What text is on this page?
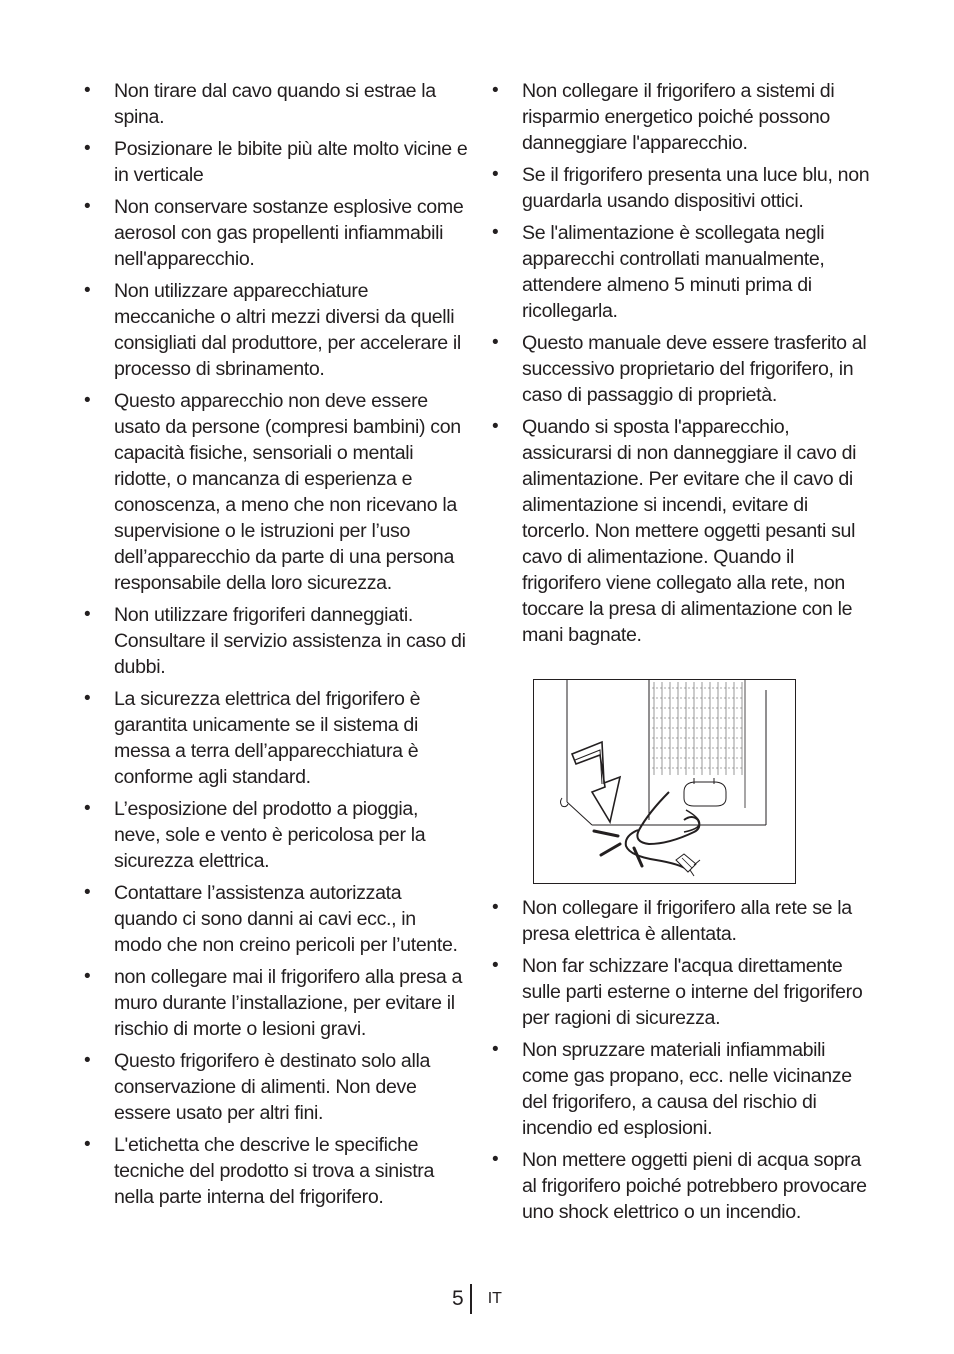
• Non tirare dal cavo quando si estrae la spina.
• Posizionare le bibite più alte molto vicine e in verticale
• Non conservare sostanze esplosive come aerosol con gas propellenti infiammabili nell'apparecchio.
• Non utilizzare apparecchiature meccaniche o altri mezzi diversi da quelli consigliati dal produttore, per accelerare il processo di sbrinamento.
• Questo apparecchio non deve essere usato da persone (compresi bambini) con capacità fisiche, sensoriali o mentali ridotte, o mancanza di esperienza e conoscenza, a meno che non ricevano la supervisione o le istruzioni per l’uso dell’apparecchio da parte di una persona responsabile della loro sicurezza.
• Non utilizzare frigoriferi danneggiati. Consultare il servizio assistenza in caso di dubbi.
• La sicurezza elettrica del frigorifero è garantita unicamente se il sistema di messa a terra dell’apparecchiatura è conforme agli standard.
• L’esposizione del prodotto a pioggia, neve, sole e vento è pericolosa per la sicurezza elettrica.
• Contattare l’assistenza autorizzata quando ci sono danni ai cavi ecc., in modo che non creino pericoli per l’utente.
• non collegare mai il frigorifero alla presa a muro durante l’installazione, per evitare il rischio di morte o lesioni gravi.
• Questo frigorifero è destinato solo alla conservazione di alimenti. Non deve essere usato per altri fini.
• L'etichetta che descrive le specifiche tecniche del prodotto si trova a sinistra nella parte interna del frigorifero.
• Non collegare il frigorifero a sistemi di risparmio energetico poiché possono danneggiare l'apparecchio.
• Se il frigorifero presenta una luce blu, non guardarla usando dispositivi ottici.
• Se l'alimentazione è scollegata negli apparecchi controllati manualmente, attendere almeno 5 minuti prima di ricollegarla.
• Questo manuale deve essere trasferito al successivo proprietario del frigorifero, in caso di passaggio di proprietà.
• Quando si sposta l'apparecchio, assicurarsi di non danneggiare il cavo di alimentazione. Per evitare che il cavo di alimentazione si incendi, evitare di torcerlo. Non mettere oggetti pesanti sul cavo di alimentazione. Quando il frigorifero viene collegato alla rete, non toccare la presa di alimentazione con le mani bagnate.
• Non collegare il frigorifero alla rete se la presa elettrica è allentata.
• Non far schizzare l'acqua direttamente sulle parti esterne o interne del frigorifero per ragioni di sicurezza.
• Non spruzzare materiali infiammabili come gas propano, ecc. nelle vicinanze del frigorifero, a causa del rischio di incendio ed esplosioni.
• Non mettere oggetti pieni di acqua sopra al frigorifero poiché potrebbero provocare uno shock elettrico o un incendio.
5 IT
